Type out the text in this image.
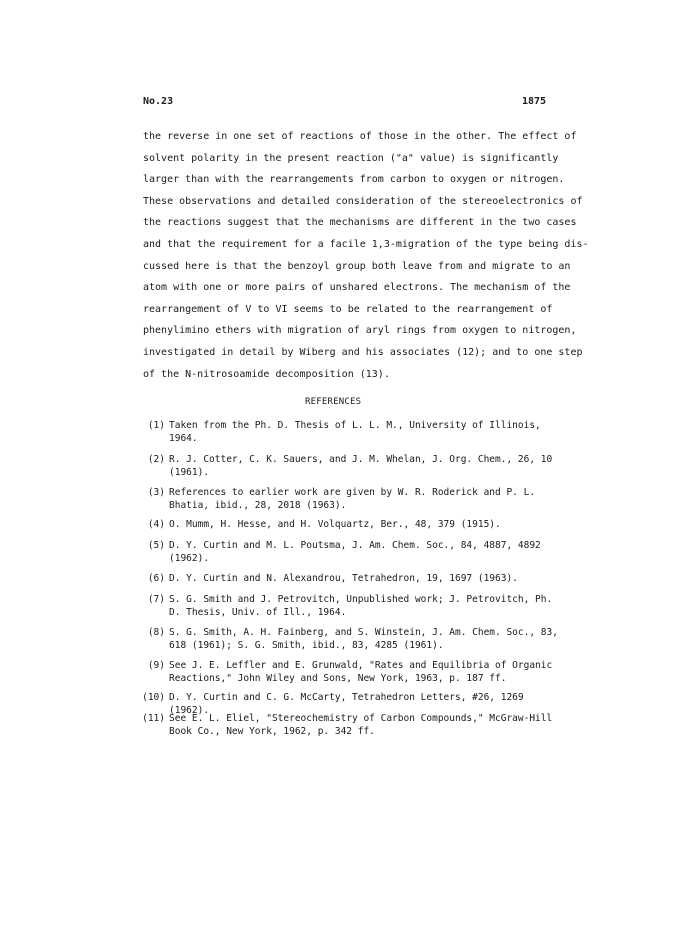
No.23	1875
the reverse in one set of reactions of those in the other. The effect of
solvent polarity in the present reaction ("a" value) is significantly
larger than with the rearrangements from carbon to oxygen or nitrogen.
These observations and detailed consideration of the stereoelectronics of
the reactions suggest that the mechanisms are different in the two cases
and that the requirement for a facile 1,3-migration of the type being dis-
cussed here is that the benzoyl group both leave from and migrate to an
atom with one or more pairs of unshared electrons. The mechanism of the
rearrangement of V to VI seems to be related to the rearrangement of
phenylimino ethers with migration of aryl rings from oxygen to nitrogen,
investigated in detail by Wiberg and his associates (12); and to one step
of the N-nitrosoamide decomposition (13).
REFERENCES
(1) Taken from the Ph. D. Thesis of L. L. M., University of Illinois,
1964.
(2) R. J. Cotter, C. K. Sauers, and J. M. Whelan, J. Org. Chem., 26, 10
(1961).
(3) References to earlier work are given by W. R. Roderick and P. L.
Bhatia, ibid., 28, 2018 (1963).
(4) O. Mumm, H. Hesse, and H. Volquartz, Ber., 48, 379 (1915).
(5) D. Y. Curtin and M. L. Poutsma, J. Am. Chem. Soc., 84, 4887, 4892
(1962).
(6) D. Y. Curtin and N. Alexandrou, Tetrahedron, 19, 1697 (1963).
(7) S. G. Smith and J. Petrovitch, Unpublished work; J. Petrovitch, Ph.
D. Thesis, Univ. of Ill., 1964.
(8) S. G. Smith, A. H. Fainberg, and S. Winstein, J. Am. Chem. Soc., 83,
618 (1961); S. G. Smith, ibid., 83, 4285 (1961).
(9) See J. E. Leffler and E. Grunwald, "Rates and Equilibria of Organic
Reactions," John Wiley and Sons, New York, 1963, p. 187 ff.
(10) D. Y. Curtin and C. G. McCarty, Tetrahedron Letters, #26, 1269 (1962).
(11) See E. L. Eliel, "Stereochemistry of Carbon Compounds," McGraw-Hill
Book Co., New York, 1962, p. 342 ff.
